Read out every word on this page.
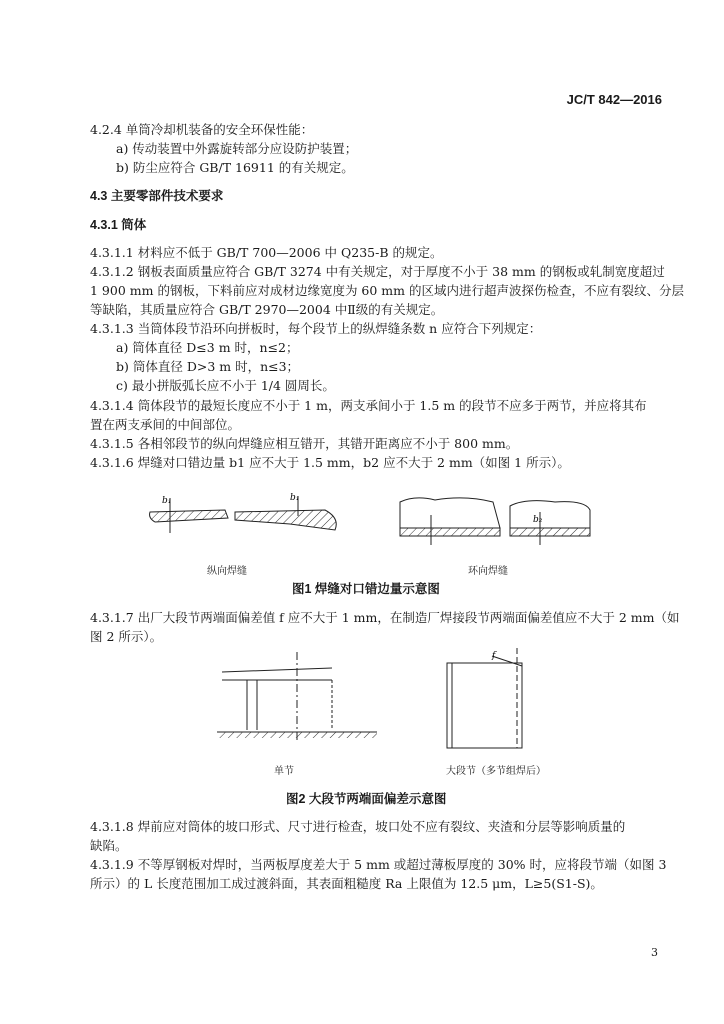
JC/T 842—2016
4.2.4 单筒冷却机装备的安全环保性能：
a) 传动装置中外露旋转部分应设防护装置；
b) 防尘应符合 GB/T 16911 的有关规定。
4.3 主要零部件技术要求
4.3.1 筒体
4.3.1.1 材料应不低于 GB/T 700—2006 中 Q235-B 的规定。
4.3.1.2 钢板表面质量应符合 GB/T 3274 中有关规定，对于厚度不小于 38 mm 的钢板或轧制宽度超过
1 900 mm 的钢板，下料前应对成材边缘宽度为 60 mm 的区域内进行超声波探伤检查，不应有裂纹、分层
等缺陷，其质量应符合 GB/T 2970—2004 中Ⅱ级的有关规定。
4.3.1.3 当筒体段节沿环向拼板时，每个段节上的纵焊缝条数 n 应符合下列规定：
a) 筒体直径 D≤3 m 时，n≤2；
b) 筒体直径 D>3 m 时，n≤3；
c) 最小拼版弧长应不小于 1/4 圆周长。
4.3.1.4 筒体段节的最短长度应不小于 1 m，两支承间小于 1.5 m 的段节不应多于两节，并应将其布
置在两支承间的中间部位。
4.3.1.5 各相邻段节的纵向焊缝应相互错开，其错开距离应不小于 800 mm。
4.3.1.6 焊缝对口错边量 b1 应不大于 1.5 mm，b2 应不大于 2 mm（如图 1 所示）。
b₁	b₁
纵向焊缝
b₂
环向焊缝
图1 焊缝对口错边量示意图
4.3.1.7 出厂大段节两端面偏差值 f 应不大于 1 mm，在制造厂焊接段节两端面偏差值应不大于 2 mm（如
图 2 所示）。
单节
f
大段节（多节组焊后）
图2 大段节两端面偏差示意图
4.3.1.8 焊前应对筒体的坡口形式、尺寸进行检查，坡口处不应有裂纹、夹渣和分层等影响质量的
缺陷。
4.3.1.9 不等厚钢板对焊时，当两板厚度差大于 5 mm 或超过薄板厚度的 30% 时，应将段节端（如图 3
所示）的 L 长度范围加工成过渡斜面，其表面粗糙度 Ra 上限值为 12.5 μm，L≥5(S1-S)。
3
